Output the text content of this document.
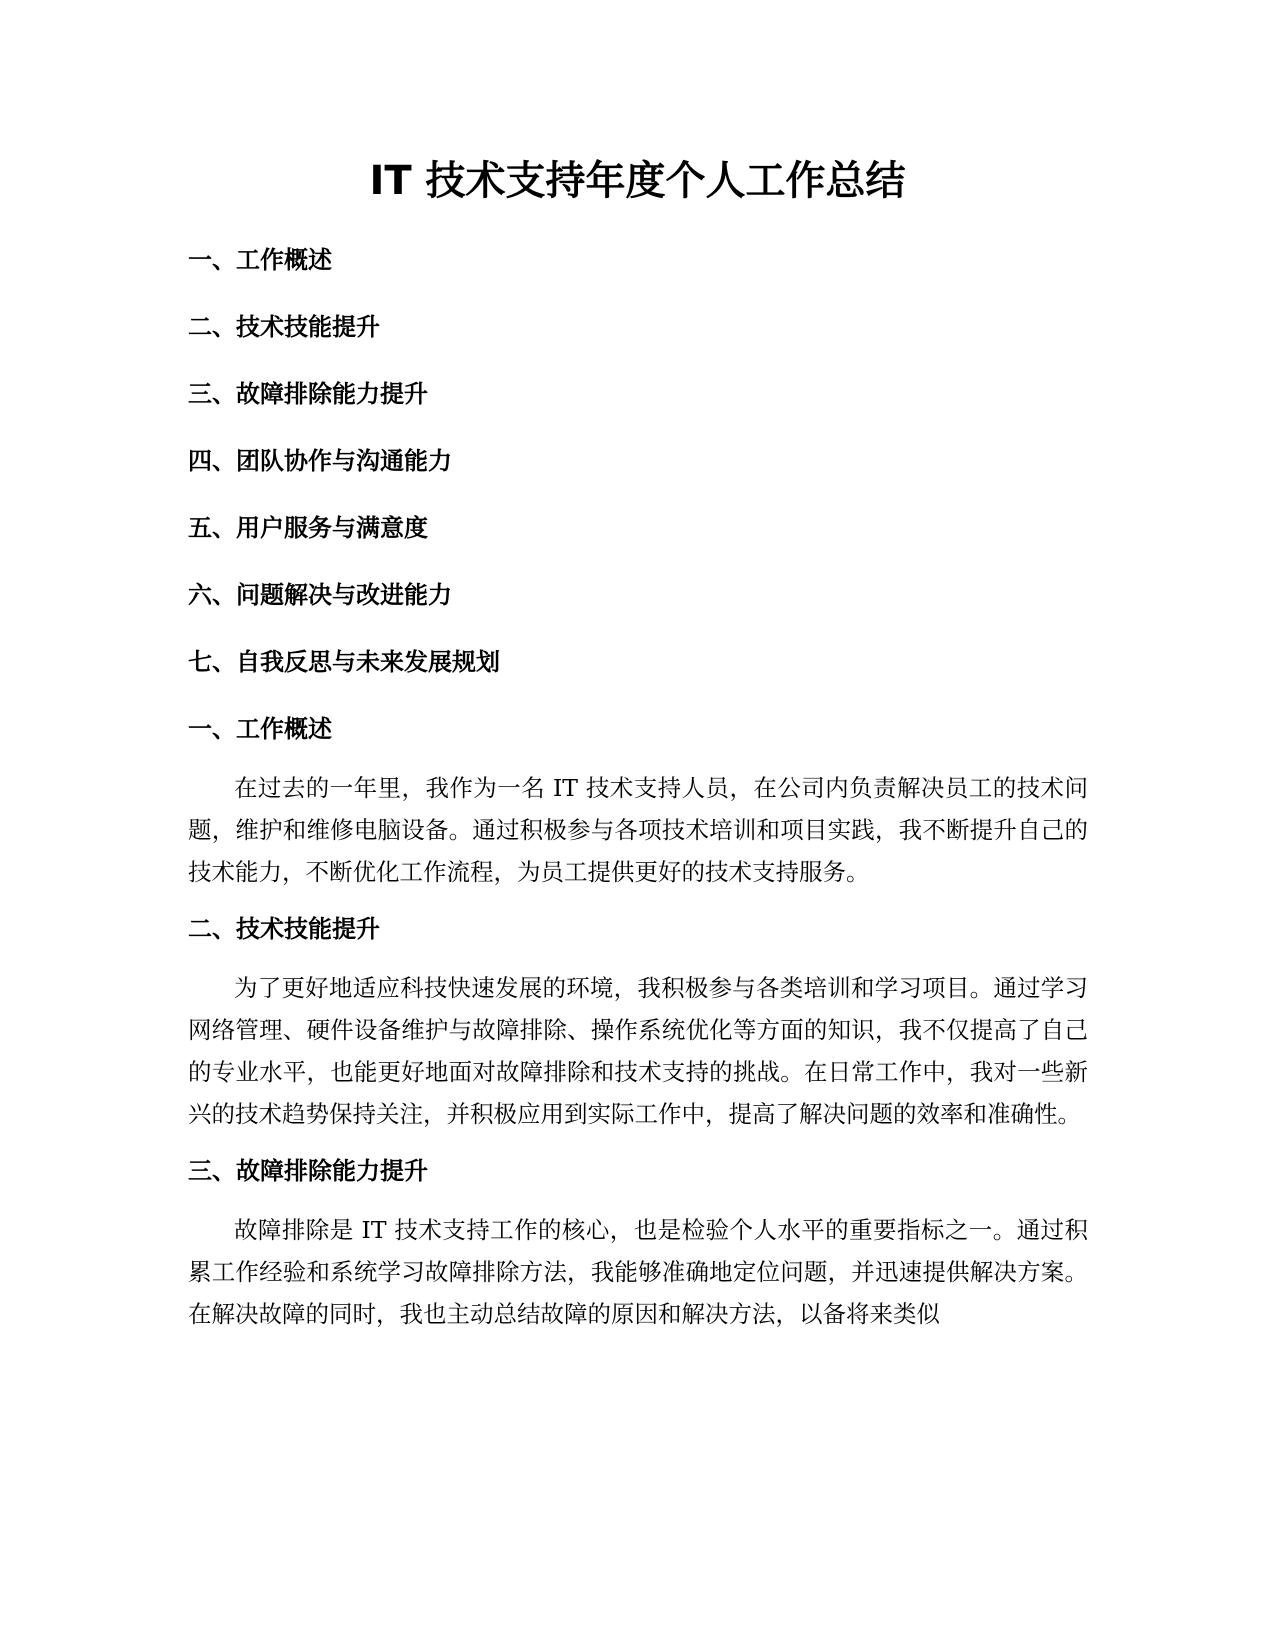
IT 技术支持年度个人工作总结
一、工作概述
二、技术技能提升
三、故障排除能力提升
四、团队协作与沟通能力
五、用户服务与满意度
六、问题解决与改进能力
七、自我反思与未来发展规划
一、工作概述

在过去的一年里，我作为一名 IT 技术支持人员，在公司内负责解决员工的技术问题，维护和维修电脑设备。通过积极参与各项技术培训和项目实践，我不断提升自己的技术能力，不断优化工作流程，为员工提供更好的技术支持服务。

二、技术技能提升

为了更好地适应科技快速发展的环境，我积极参与各类培训和学习项目。通过学习网络管理、硬件设备维护与故障排除、操作系统优化等方面的知识，我不仅提高了自己的专业水平，也能更好地面对故障排除和技术支持的挑战。在日常工作中，我对一些新兴的技术趋势保持关注，并积极应用到实际工作中，提高了解决问题的效率和准确性。

三、故障排除能力提升

故障排除是 IT 技术支持工作的核心，也是检验个人水平的重要指标之一。通过积累工作经验和系统学习故障排除方法，我能够准确地定位问题，并迅速提供解决方案。在解决故障的同时，我也主动总结故障的原因和解决方法，以备将来类似
